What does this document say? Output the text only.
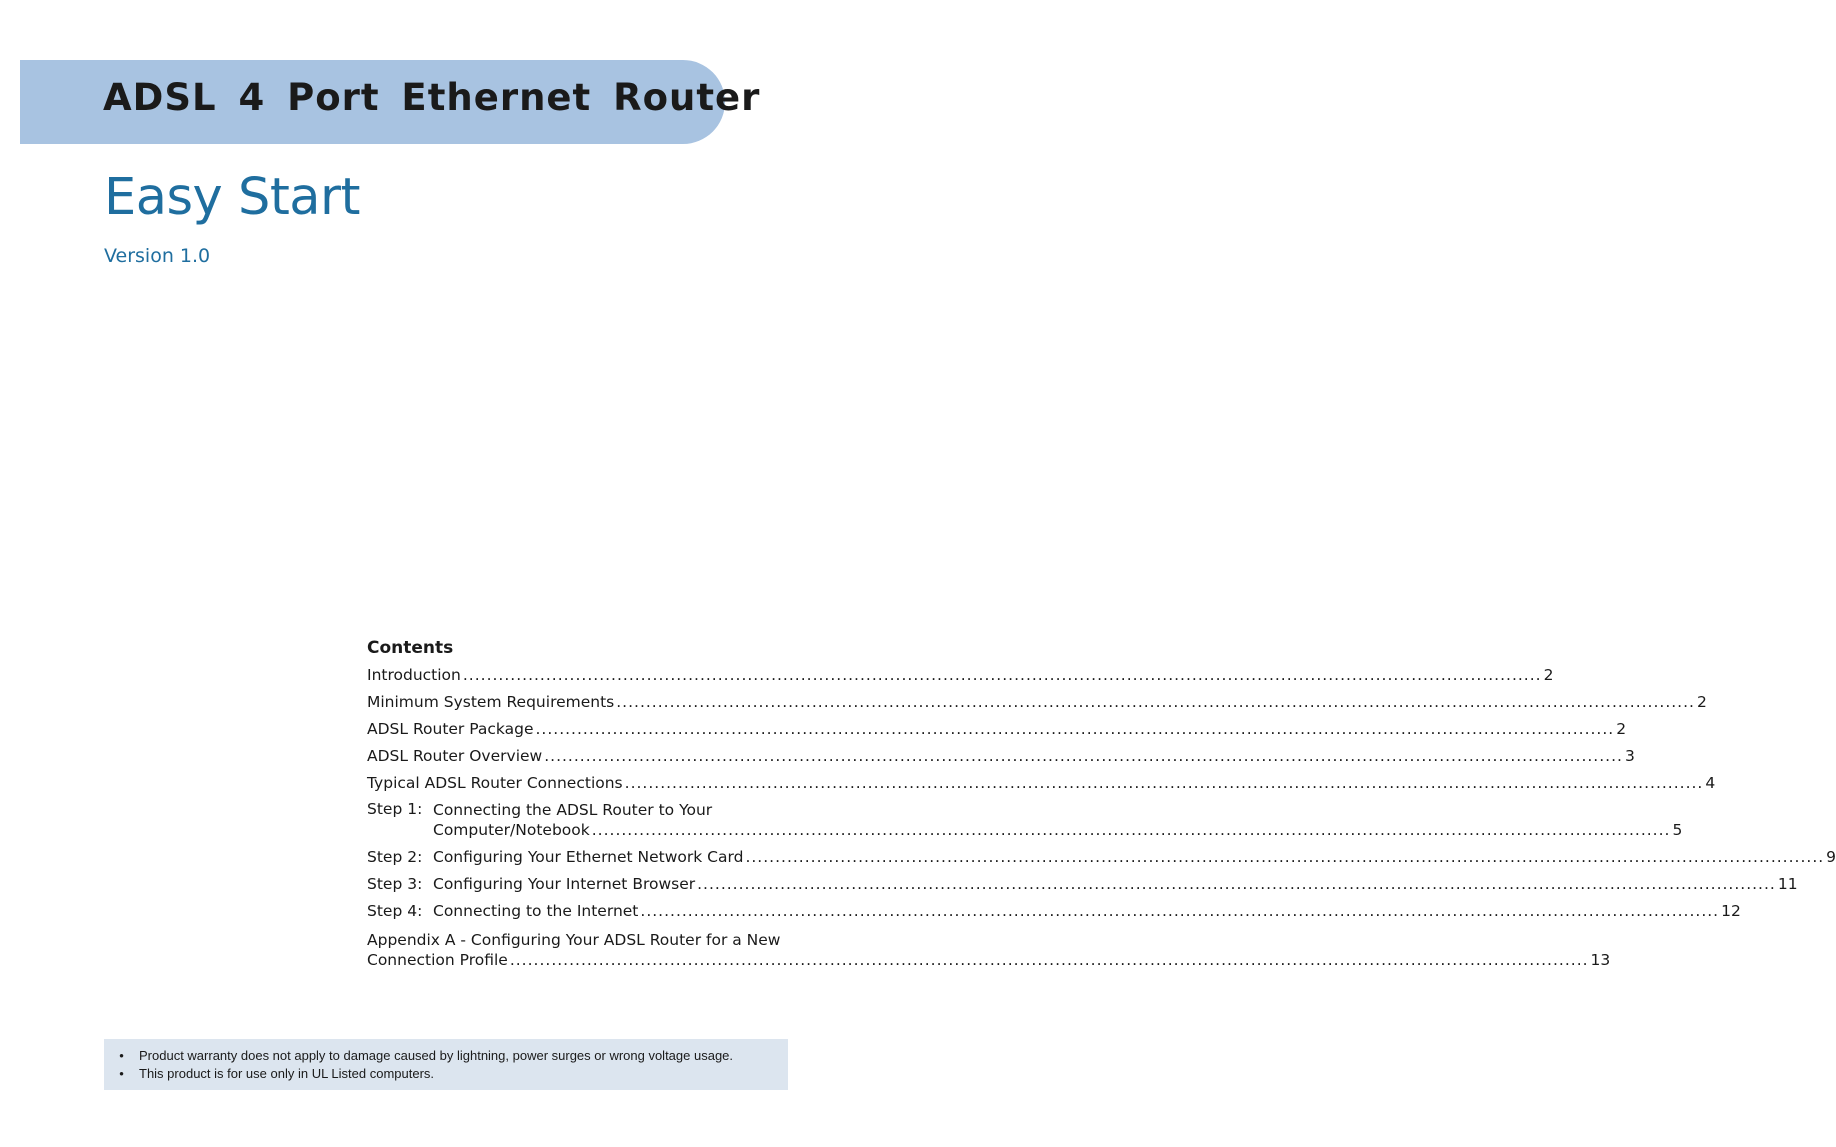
ADSL 4 Port Ethernet Router
Easy Start
Version 1.0
Contents
Introduction .....	2
Minimum System Requirements .....	2
ADSL Router Package .....	2
ADSL Router Overview .....	3
Typical ADSL Router Connections .....	4
Step 1: Connecting the ADSL Router to Your
Computer/Notebook .....	5
Step 2: Configuring Your Ethernet Network Card .....	9
Step 3: Configuring Your Internet Browser .....	11
Step 4: Connecting to the Internet .....	12
Appendix A - Configuring Your ADSL Router for a New
Connection Profile .....	13
•	Product warranty does not apply to damage caused by lightning, power surges or wrong voltage usage.
•	This product is for use only in UL Listed computers.
